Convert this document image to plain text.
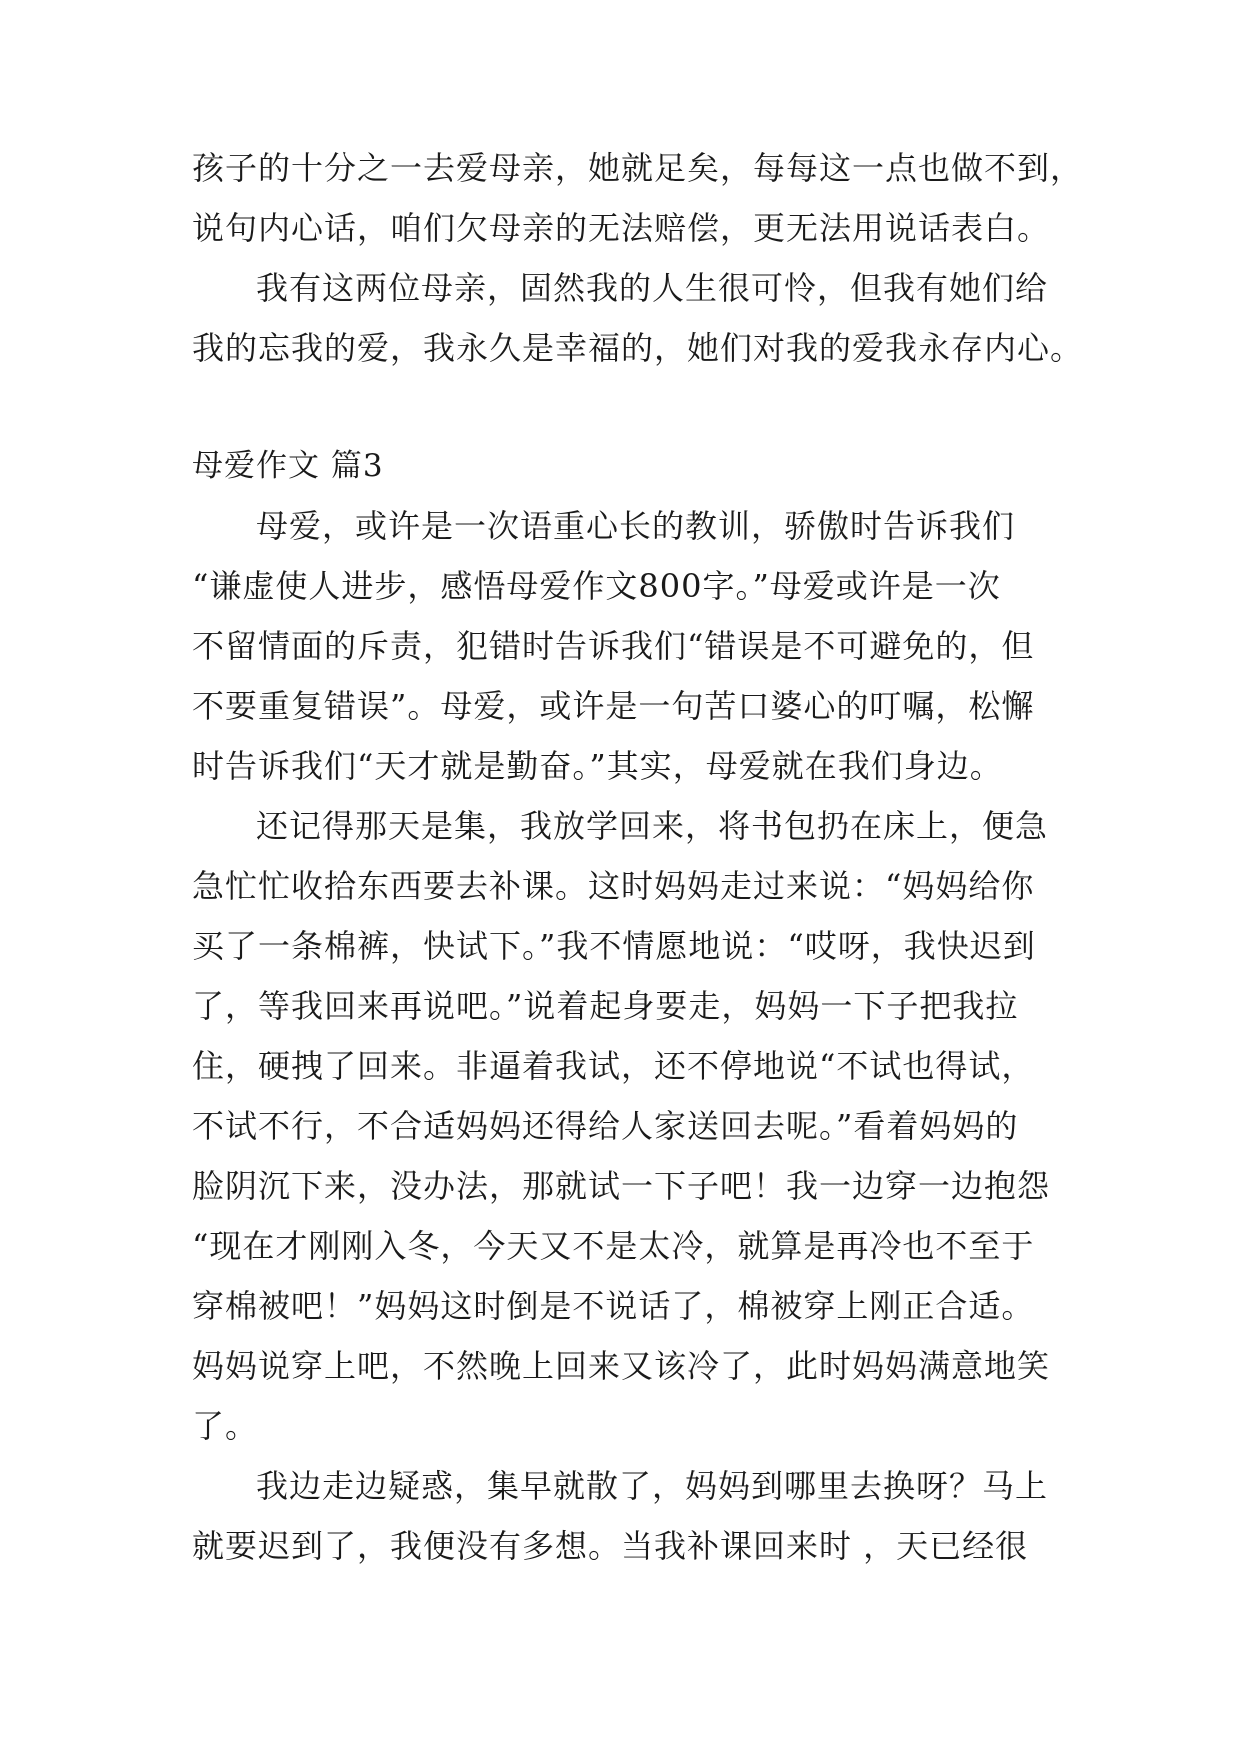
孩子的十分之一去爱母亲，她就足矣，每每这一点也做不到，
说句内心话，咱们欠母亲的无法赔偿，更无法用说话表白。
我有这两位母亲，固然我的人生很可怜，但我有她们给
我的忘我的爱，我永久是幸福的，她们对我的爱我永存内心。
母爱作文 篇3
母爱，或许是一次语重心长的教训，骄傲时告诉我们
“谦虚使人进步，感悟母爱作文800字。”母爱或许是一次
不留情面的斥责，犯错时告诉我们“错误是不可避免的，但
不要重复错误”。母爱，或许是一句苦口婆心的叮嘱，松懈
时告诉我们“天才就是勤奋。”其实，母爱就在我们身边。
还记得那天是集，我放学回来，将书包扔在床上，便急
急忙忙收拾东西要去补课。这时妈妈走过来说：“妈妈给你
买了一条棉裤，快试下。”我不情愿地说：“哎呀，我快迟到
了，等我回来再说吧。”说着起身要走，妈妈一下子把我拉
住，硬拽了回来。非逼着我试，还不停地说“不试也得试，
不试不行，不合适妈妈还得给人家送回去呢。”看着妈妈的
脸阴沉下来，没办法，那就试一下子吧！我一边穿一边抱怨
“现在才刚刚入冬，今天又不是太冷，就算是再冷也不至于
穿棉被吧！”妈妈这时倒是不说话了，棉被穿上刚正合适。
妈妈说穿上吧，不然晚上回来又该冷了，此时妈妈满意地笑
了。
我边走边疑惑，集早就散了，妈妈到哪里去换呀？马上
就要迟到了，我便没有多想。当我补课回来时 ，天已经很
